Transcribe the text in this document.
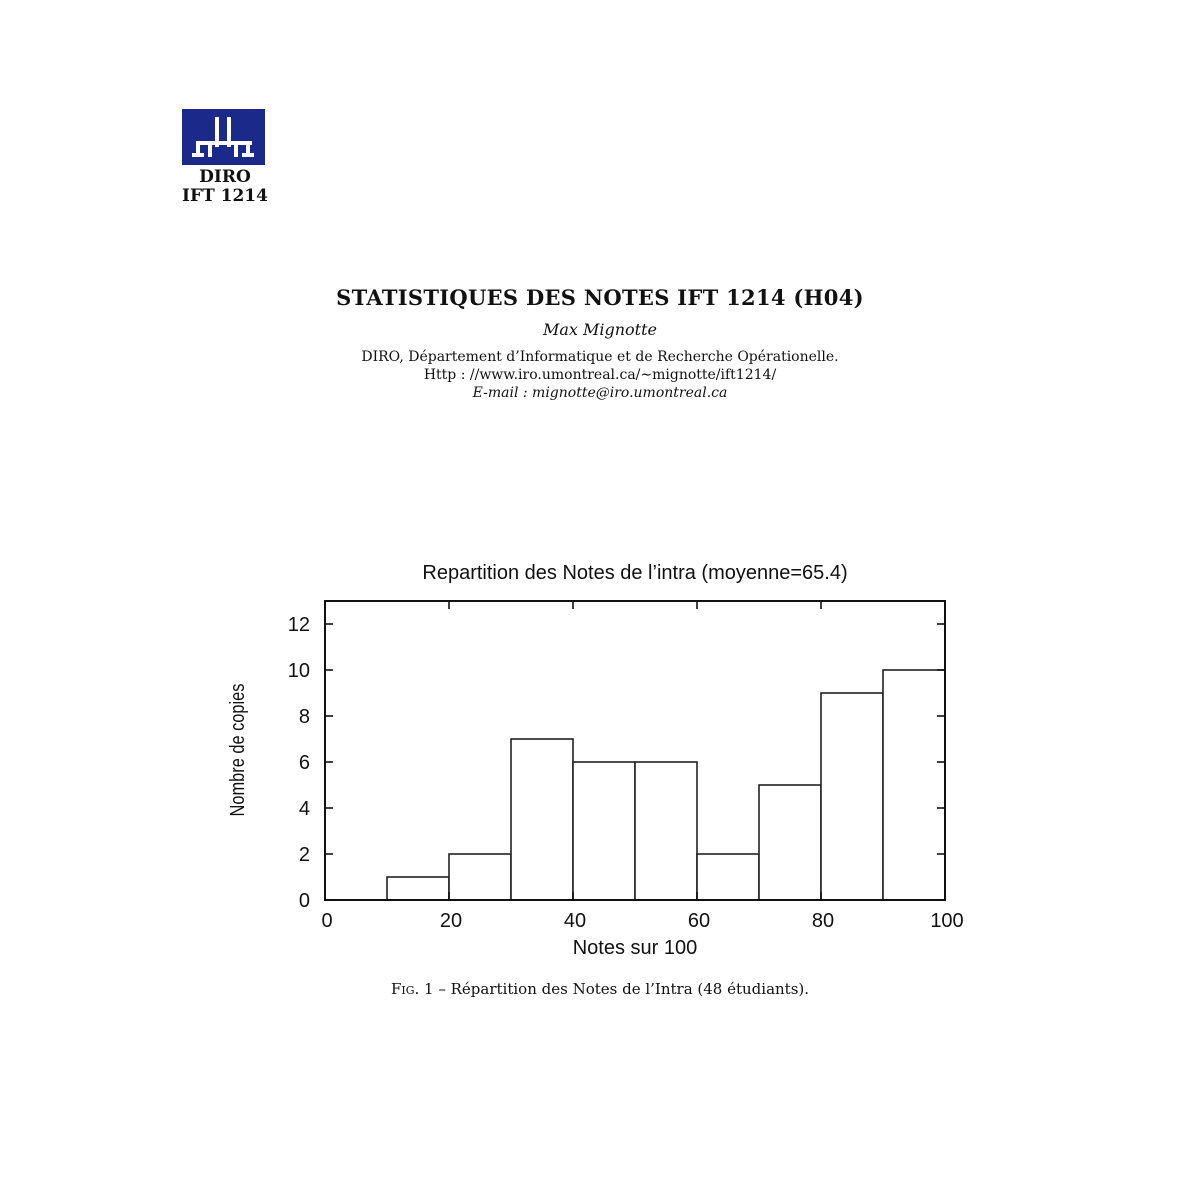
DIRO
IFT 1214
STATISTIQUES DES NOTES IFT 1214 (H04)
Max Mignotte
DIRO, Département d’Informatique et de Recherche Opérationelle.
Http : //www.iro.umontreal.ca/∼mignotte/ift1214/
E-mail : mignotte@iro.umontreal.ca
Repartition des Notes de l’intra (moyenne=65.4)
Nombre de copies
Notes sur 100
0
2
4
6
8
10
12
0	20	40	60	80	100
Fig. 1 – Répartition des Notes de l’Intra (48 étudiants).
